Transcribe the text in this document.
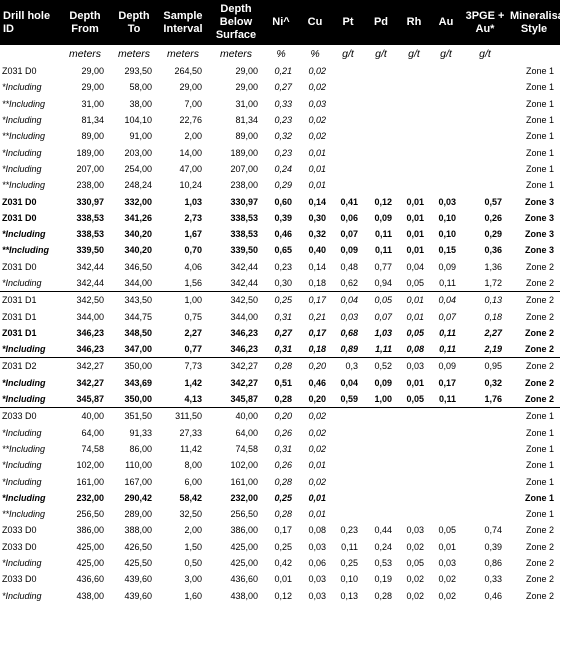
Drill hole ID	Depth From	Depth To	Sample Interval	Depth Below Surface	Ni^	Cu	Pt	Pd	Rh	Au	3PGE + Au*	Mineralisation Style
	meters	meters	meters	meters	%	%	g/t	g/t	g/t	g/t	g/t	
Z031 D0	29,00	293,50	264,50	29,00	0,21	0,02						Zone 1
*Including	29,00	58,00	29,00	29,00	0,27	0,02						Zone 1
**Including	31,00	38,00	7,00	31,00	0,33	0,03						Zone 1
*Including	81,34	104,10	22,76	81,34	0,23	0,02						Zone 1
**Including	89,00	91,00	2,00	89,00	0,32	0,02						Zone 1
*Including	189,00	203,00	14,00	189,00	0,23	0,01						Zone 1
*Including	207,00	254,00	47,00	207,00	0,24	0,01						Zone 1
**Including	238,00	248,24	10,24	238,00	0,29	0,01						Zone 1
Z031 D0	330,97	332,00	1,03	330,97	0,60	0,14	0,41	0,12	0,01	0,03	0,57	Zone 3
Z031 D0	338,53	341,26	2,73	338,53	0,39	0,30	0,06	0,09	0,01	0,10	0,26	Zone 3
*Including	338,53	340,20	1,67	338,53	0,46	0,32	0,07	0,11	0,01	0,10	0,29	Zone 3
**Including	339,50	340,20	0,70	339,50	0,65	0,40	0,09	0,11	0,01	0,15	0,36	Zone 3
Z031 D0	342,44	346,50	4,06	342,44	0,23	0,14	0,48	0,77	0,04	0,09	1,36	Zone 2
*Including	342,44	344,00	1,56	342,44	0,30	0,18	0,62	0,94	0,05	0,11	1,72	Zone 2
Z031 D1	342,50	343,50	1,00	342,50	0,25	0,17	0,04	0,05	0,01	0,04	0,13	Zone 2
Z031 D1	344,00	344,75	0,75	344,00	0,31	0,21	0,03	0,07	0,01	0,07	0,18	Zone 2
Z031 D1	346,23	348,50	2,27	346,23	0,27	0,17	0,68	1,03	0,05	0,11	2,27	Zone 2
*Including	346,23	347,00	0,77	346,23	0,31	0,18	0,89	1,11	0,08	0,11	2,19	Zone 2
Z031 D2	342,27	350,00	7,73	342,27	0,28	0,20	0,3	0,52	0,03	0,09	0,95	Zone 2
*Including	342,27	343,69	1,42	342,27	0,51	0,46	0,04	0,09	0,01	0,17	0,32	Zone 2
*Including	345,87	350,00	4,13	345,87	0,28	0,20	0,59	1,00	0,05	0,11	1,76	Zone 2
Z033 D0	40,00	351,50	311,50	40,00	0,20	0,02						Zone 1
*Including	64,00	91,33	27,33	64,00	0,26	0,02						Zone 1
**Including	74,58	86,00	11,42	74,58	0,31	0,02						Zone 1
*Including	102,00	110,00	8,00	102,00	0,26	0,01						Zone 1
*Including	161,00	167,00	6,00	161,00	0,28	0,02						Zone 1
*Including	232,00	290,42	58,42	232,00	0,25	0,01						Zone 1
**Including	256,50	289,00	32,50	256,50	0,28	0,01						Zone 1
Z033 D0	386,00	388,00	2,00	386,00	0,17	0,08	0,23	0,44	0,03	0,05	0,74	Zone 2
Z033 D0	425,00	426,50	1,50	425,00	0,25	0,03	0,11	0,24	0,02	0,01	0,39	Zone 2
*Including	425,00	425,50	0,50	425,00	0,42	0,06	0,25	0,53	0,05	0,03	0,86	Zone 2
Z033 D0	436,60	439,60	3,00	436,60	0,01	0,03	0,10	0,19	0,02	0,02	0,33	Zone 2
*Including	438,00	439,60	1,60	438,00	0,12	0,03	0,13	0,28	0,02	0,02	0,46	Zone 2
